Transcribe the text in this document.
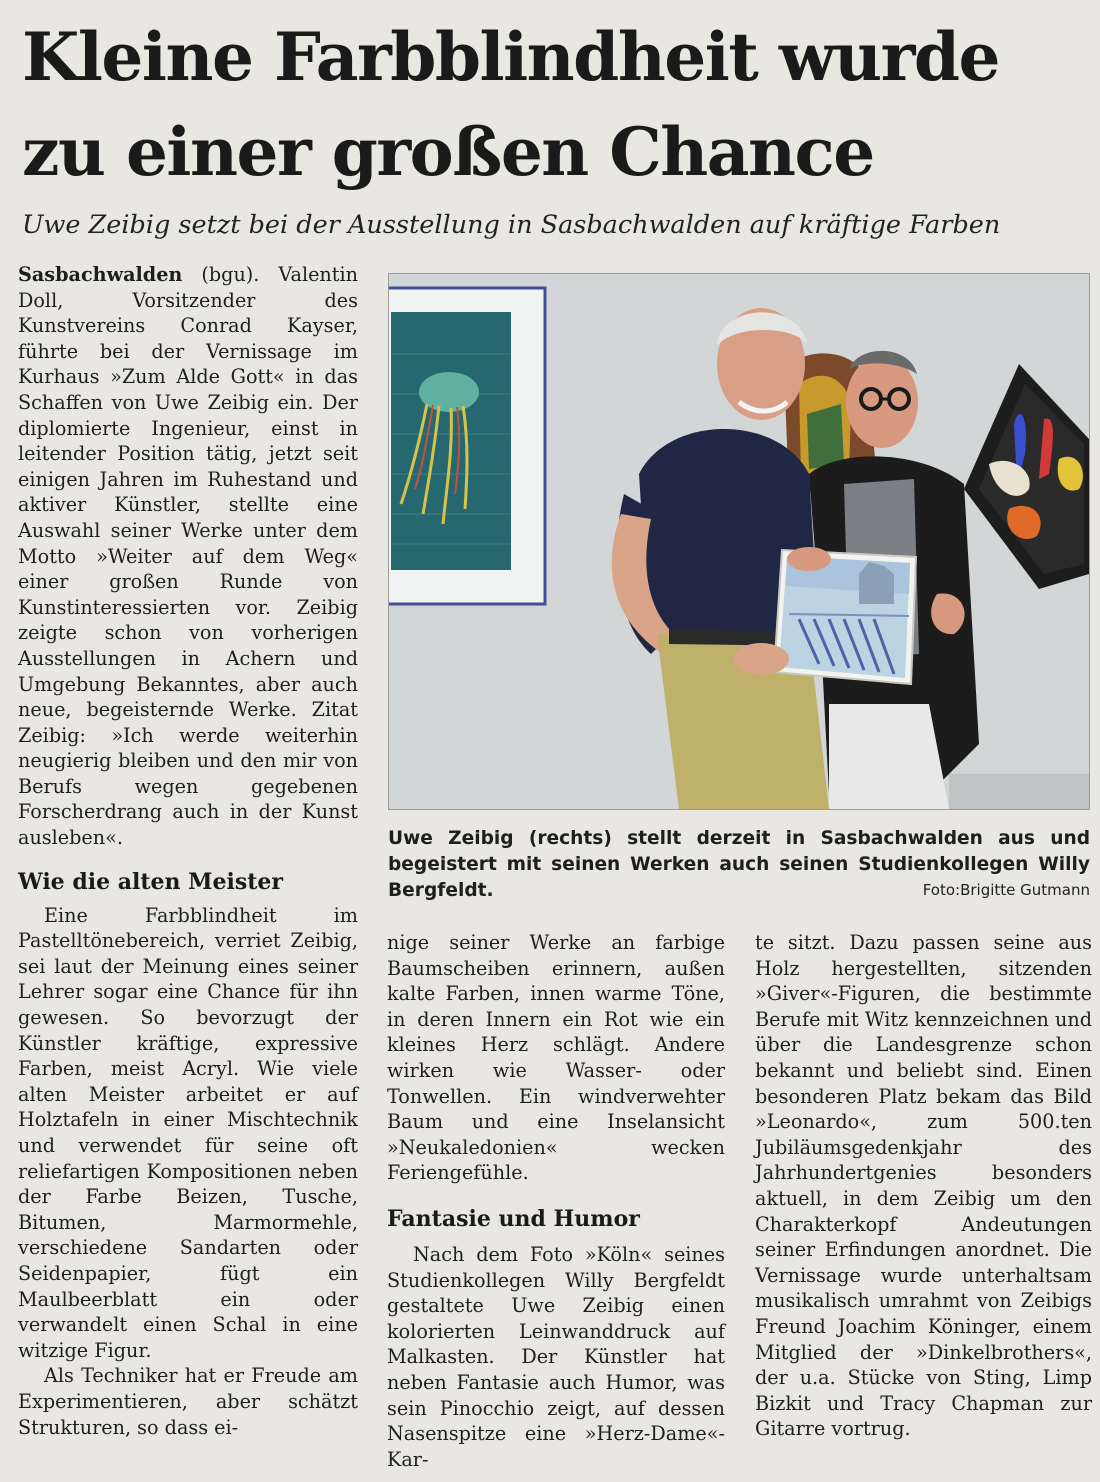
Kleine Farbblindheit wurde
zu einer großen Chance
Uwe Zeibig setzt bei der Ausstellung in Sasbachwalden auf kräftige Farben

Sasbachwalden (bgu). Valentin Doll, Vorsitzender des Kunstvereins Conrad Kayser, führte bei der Vernissage im Kurhaus »Zum Alde Gott« in das Schaffen von Uwe Zeibig ein. Der diplomierte Ingenieur, einst in leitender Position tätig, jetzt seit einigen Jahren im Ruhestand und aktiver Künstler, stellte eine Auswahl seiner Werke unter dem Motto »Weiter auf dem Weg« einer großen Runde von Kunstinteressierten vor. Zeibig zeigte schon von vorherigen Ausstellungen in Achern und Umgebung Bekanntes, aber auch neue, begeisternde Werke. Zitat Zeibig: »Ich werde weiterhin neugierig bleiben und den mir von Berufs wegen gegebenen Forscherdrang auch in der Kunst ausleben«.

Wie die alten Meister

Eine Farbblindheit im Pastelltönebereich, verriet Zeibig, sei laut der Meinung eines seiner Lehrer sogar eine Chance für ihn gewesen. So bevorzugt der Künstler kräftige, expressive Farben, meist Acryl. Wie viele alten Meister arbeitet er auf Holztafeln in einer Mischtechnik und verwendet für seine oft reliefartigen Kompositionen neben der Farbe Beizen, Tusche, Bitumen, Marmormehle, verschiedene Sandarten oder Seidenpapier, fügt ein Maulbeerblatt ein oder verwandelt einen Schal in eine witzige Figur.

Als Techniker hat er Freude am Experimentieren, aber schätzt Strukturen, so dass ei-

Uwe Zeibig (rechts) stellt derzeit in Sasbachwalden aus und begeistert mit seinen Werken auch seinen Studienkollegen Willy Bergfeldt.	Foto:Brigitte Gutmann

nige seiner Werke an farbige Baumscheiben erinnern, außen kalte Farben, innen warme Töne, in deren Innern ein Rot wie ein kleines Herz schlägt. Andere wirken wie Wasser- oder Tonwellen. Ein windverwehter Baum und eine Inselansicht »Neukaledonien« wecken Feriengefühle.

Fantasie und Humor

Nach dem Foto »Köln« seines Studienkollegen Willy Bergfeldt gestaltete Uwe Zeibig einen kolorierten Leinwanddruck auf Malkasten. Der Künstler hat neben Fantasie auch Humor, was sein Pinocchio zeigt, auf dessen Nasenspitze eine »Herz-Dame«-Kar-

te sitzt. Dazu passen seine aus Holz hergestellten, sitzenden »Giver«-Figuren, die bestimmte Berufe mit Witz kennzeichnen und über die Landesgrenze schon bekannt und beliebt sind. Einen besonderen Platz bekam das Bild »Leonardo«, zum 500.ten Jubiläumsgedenkjahr des Jahrhundertgenies besonders aktuell, in dem Zeibig um den Charakterkopf Andeutungen seiner Erfindungen anordnet. Die Vernissage wurde unterhaltsam musikalisch umrahmt von Zeibigs Freund Joachim Köninger, einem Mitglied der »Dinkelbrothers«, der u.a. Stücke von Sting, Limp Bizkit und Tracy Chapman zur Gitarre vortrug.
